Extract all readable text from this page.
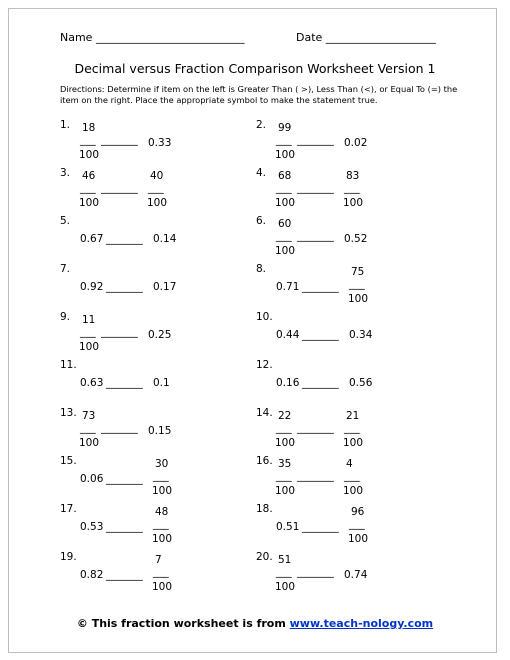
Name ___________________________	Date ____________________
Decimal versus Fraction Comparison Worksheet Version 1
Directions: Determine if item on the left is Greater Than ( >), Less Than (<), or Equal To (=) the item on the right. Place the appropriate symbol to make the statement true.
1. 18
___
100
_______ 0.33
2. 99
___
100
_______ 0.02
3. 46
___
100
_______
40
___
100
4. 68
___
100
_______
83
___
100
5.
0.67 _______ 0.14
6. 60
___
100
_______ 0.52
7.
0.92 _______ 0.17
8.
0.71 _______
75
___
100
9. 11
___
100
_______ 0.25
10.
0.44 _______ 0.34
11.
0.63 _______ 0.1
12.
0.16 _______ 0.56
13. 73
___
100
_______ 0.15
14. 22
___
100
_______
21
___
100
15.
0.06 _______
30
___
100
16. 35
___
100
_______
4
___
100
17.
0.53 _______
48
___
100
18.
0.51 _______
96
___
100
19.
0.82 _______
7
___
100
20. 51
___
100
_______ 0.74
© This fraction worksheet is from www.teach-nology.com
